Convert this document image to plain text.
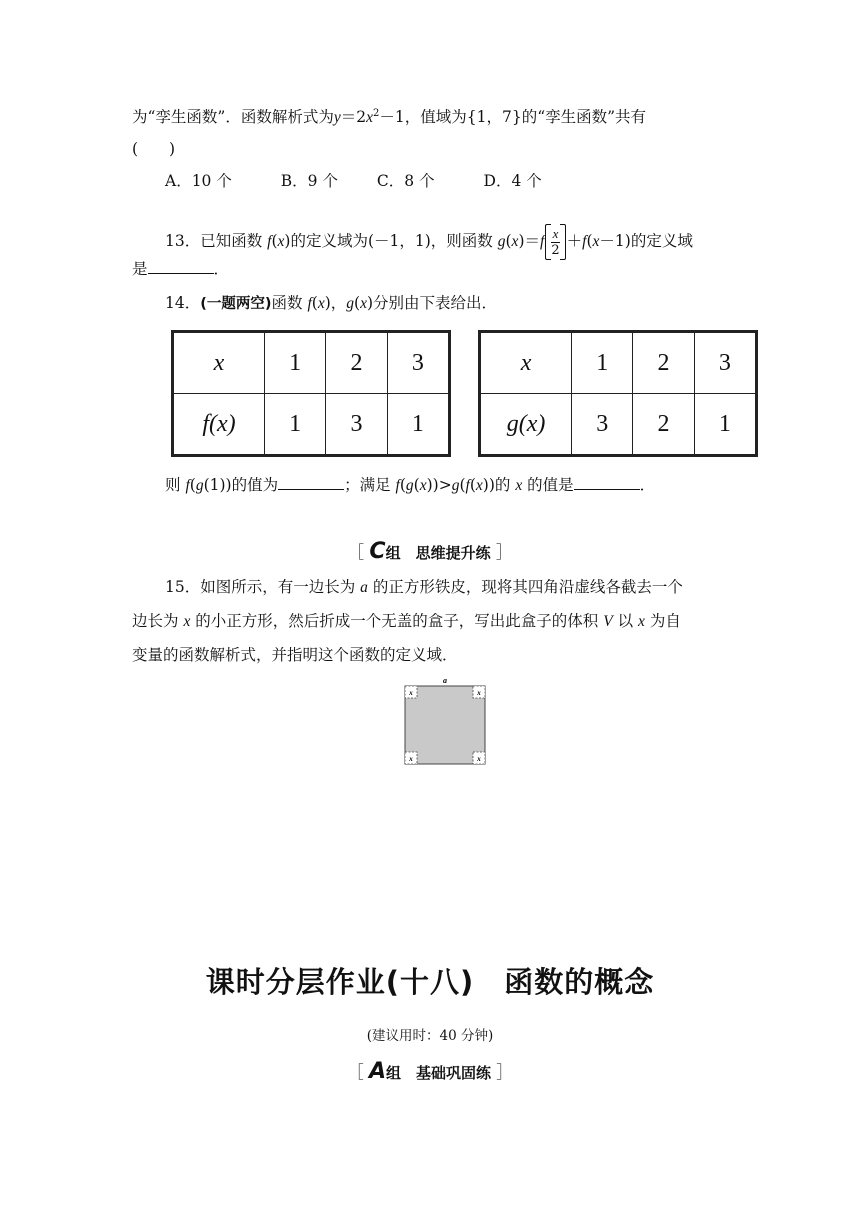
为“孪生函数”．函数解析式为$y=2x^2-1$，值域为{1，7}的“孪生函数”共有
(　　)
A．10 个	B．9 个	C．8 个	D．4 个
13．已知函数 f(x)的定义域为(－1，1)，则函数 $g(x)=f \frac{x}{2} +f(x-1)$的定义域
是	．
14．(一题两空)函数 f(x)，g(x)分别由下表给出．
x	1	2	3
f(x)	1	3	1
x	1	2	3
g(x)	3	2	1
则 f(g(1))的值为	；满足 f(g(x))>g(f(x))的 x 的值是	．
［ C组　思维提升练 ］
15．如图所示，有一边长为 a 的正方形铁皮，现将其四角沿虚线各截去一个
边长为 x 的小正方形，然后折成一个无盖的盒子，写出此盒子的体积 V 以 x 为自
变量的函数解析式，并指明这个函数的定义域．
a
x	x
x	x
课时分层作业(十八)　函数的概念
(建议用时：40 分钟)
［ A组　基础巩固练 ］
